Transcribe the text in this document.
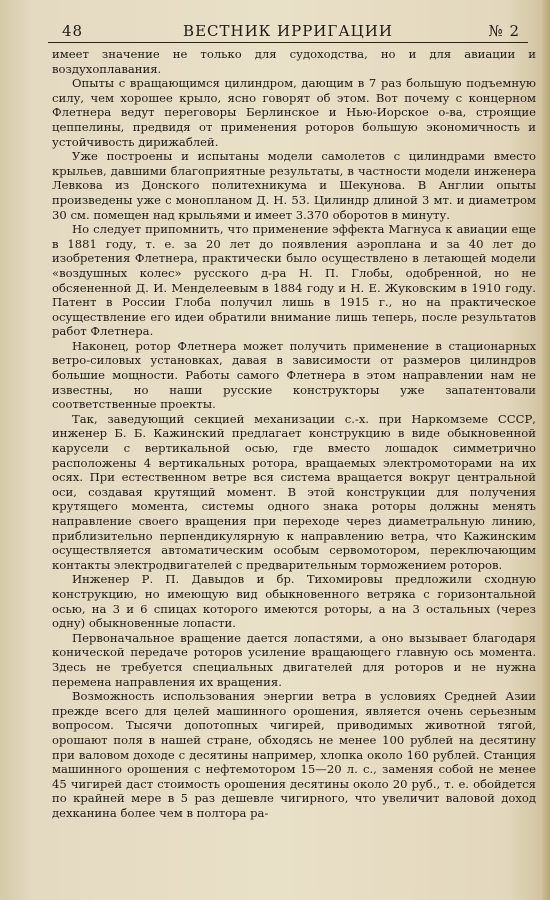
48	ВЕСТНИК ИРРИГАЦИИ	№ 2

имеет значение не только для судоходства, но и для авиации и воздухоплавания.

Опыты с вращающимся цилиндром, дающим в 7 раз большую подъемную силу, чем хорошее крыло, ясно говорят об этом. Вот почему с концерном Флетнера ведут переговоры Берлинское и Нью-Иорское о-ва, строящие цеппелины, предвидя от применения роторов большую экономичность и устойчивость дирижаблей.

Уже построены и испытаны модели самолетов с цилиндрами вместо крыльев, давшими благоприятные результаты, в частности модели инженера Левкова из Донского политехникума и Шекунова. В Англии опыты произведены уже с монопланом Д. Н. 53. Цилиндр длиной 3 мт. и диаметром 30 см. помещен над крыльями и имеет 3.370 оборотов в минуту.

Но следует припомнить, что применение эффекта Магнуса к авиации еще в 1881 году, т. е. за 20 лет до появления аэроплана и за 40 лет до изобретения Флетнера, практически было осуществлено в летающей модели «воздушных колес» русского д-ра Н. П. Глобы, одобренной, но не обсяененной Д. И. Менделеевым в 1884 году и Н. Е. Жуковским в 1910 году. Патент в России Глоба получил лишь в 1915 г., но на практическое осуществление его идеи обратили внимание лишь теперь, после результатов работ Флетнера.

Наконец, ротор Флетнера может получить применение в стационарных ветро-силовых установках, давая в зависимости от размеров цилиндров большие мощности. Работы самого Флетнера в этом направлении нам не известны, но наши русские конструкторы уже запатентовали соответственные проекты.

Так, заведующий секцией механизации с.-х. при Наркомземе СССР, инженер Б. Б. Кажинский предлагает конструкцию в виде обыкновенной карусели с вертикальной осью, где вместо лошадок симметрично расположены 4 вертикальных ротора, вращаемых электромоторами на их осях. При естественном ветре вся система вращается вокруг центральной оси, создавая крутящий момент. В этой конструкции для получения крутящего момента, системы одного знака роторы должны менять направление своего вращения при переходе через диаметральную линию, приблизительно перпендикулярную к направлению ветра, что Кажинским осуществляется автоматическим особым сервомотором, переключающим контакты электродвигателей с предварительным торможением роторов.

Инженер Р. П. Давыдов и бр. Тихомировы предложили сходную конструкцию, но имеющую вид обыкновенного ветряка с горизонтальной осью, на 3 и 6 спицах которого имеются роторы, а на 3 остальных (через одну) обыкновенные лопасти.

Первоначальное вращение дается лопастями, а оно вызывает благодаря конической передаче роторов усиление вращающего главную ось момента. Здесь не требуется специальных двигателей для роторов и не нужна перемена направления их вращения.

Возможность использования энергии ветра в условиях Средней Азии прежде всего для целей машинного орошения, является очень серьезным вопросом. Тысячи допотопных чигирей, приводимых животной тягой, орошают поля в нашей стране, обходясь не менее 100 рублей на десятину при валовом доходе с десятины например, хлопка около 160 рублей. Станция машинного орошения с нефтемотором 15—20 л. с., заменяя собой не менее 45 чигирей даст стоимость орошения десятины около 20 руб., т. е. обойдется по крайней мере в 5 раз дешевле чигирного, что увеличит валовой доход дехканина более чем в полтора ра-
